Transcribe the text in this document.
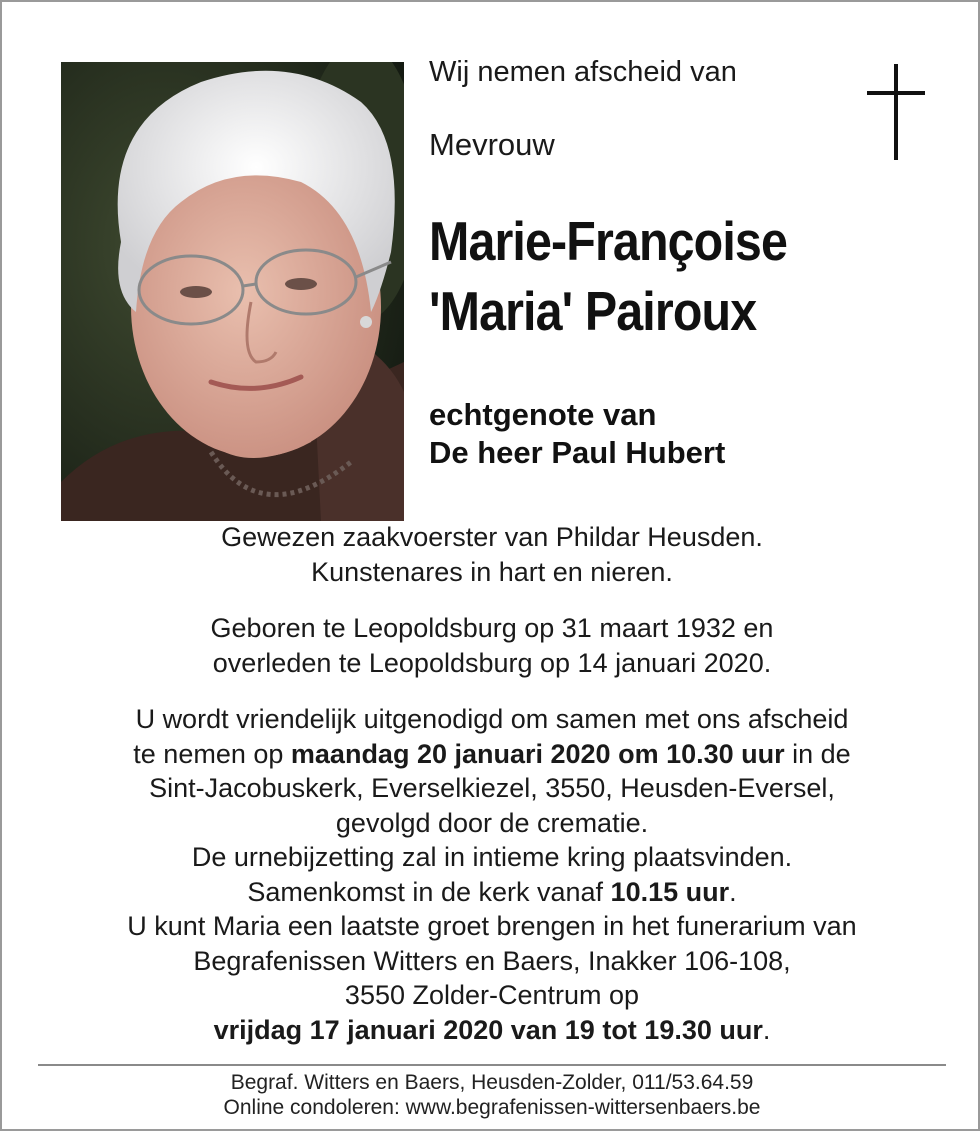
Wij nemen afscheid van
Mevrouw
Marie-Françoise
'Maria' Pairoux
echtgenote van
De heer Paul Hubert

Gewezen zaakvoerster van Phildar Heusden.

Kunstenares in hart en nieren.

Geboren te Leopoldsburg op 31 maart 1932 en

overleden te Leopoldsburg op 14 januari 2020.

U wordt vriendelijk uitgenodigd om samen met ons afscheid

te nemen op maandag 20 januari 2020 om 10.30 uur in de

Sint-Jacobuskerk, Everselkiezel, 3550, Heusden-Eversel,

gevolgd door de crematie.

De urnebijzetting zal in intieme kring plaatsvinden.

Samenkomst in de kerk vanaf 10.15 uur.

U kunt Maria een laatste groet brengen in het funerarium van

Begrafenissen Witters en Baers, Inakker 106-108,

3550 Zolder-Centrum op

vrijdag 17 januari 2020 van 19 tot 19.30 uur.

Begraf. Witters en Baers, Heusden-Zolder, 011/53.64.59
Online condoleren: www.begrafenissen-wittersenbaers.be
